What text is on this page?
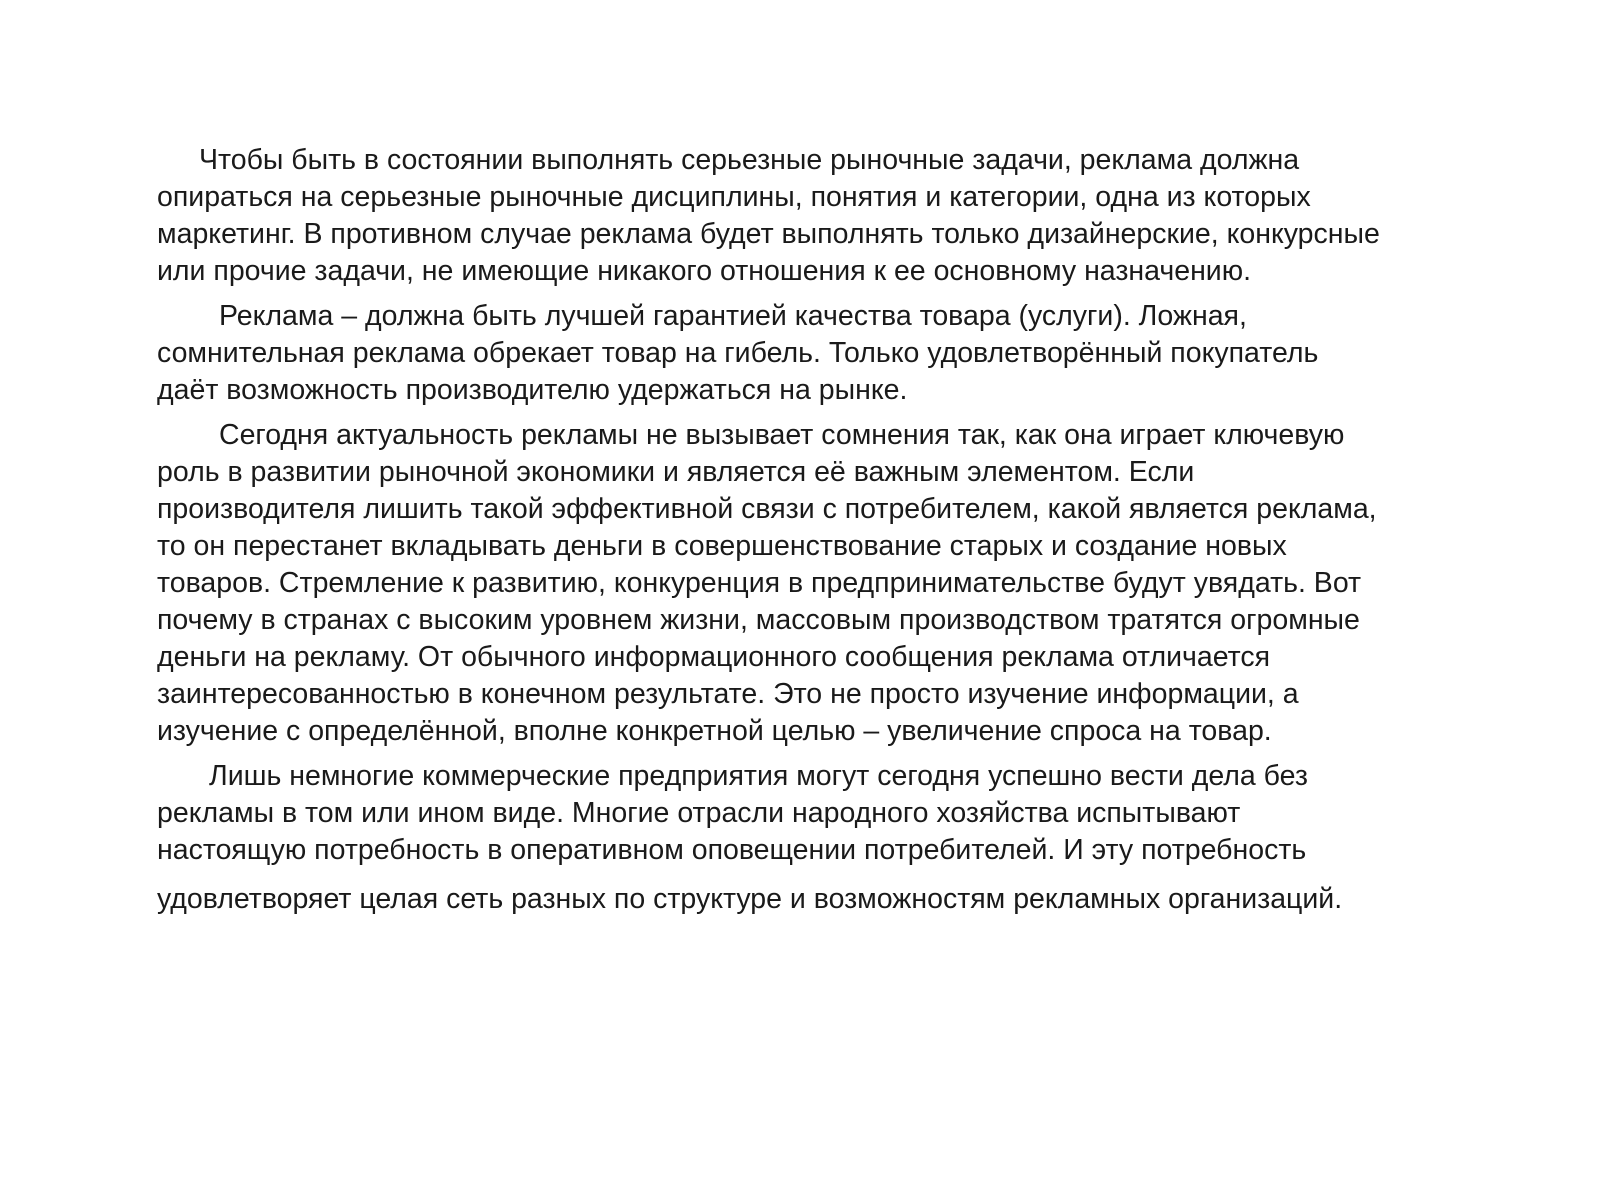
Чтобы быть в состоянии выполнять серьезные рыночные задачи, реклама должна
опираться на серьезные рыночные дисциплины, понятия и категории, одна из которых
маркетинг. В противном случае реклама будет выполнять только дизайнерские, конкурсные
или прочие задачи, не имеющие никакого отношения к ее основному назначению.

Реклама – должна быть лучшей гарантией качества товара (услуги). Ложная,
сомнительная реклама обрекает товар на гибель. Только удовлетворённый покупатель
даёт возможность производителю удержаться на рынке.

Сегодня актуальность рекламы не вызывает сомнения так, как она играет ключевую
роль в развитии рыночной экономики и является её важным элементом. Если
производителя лишить такой эффективной связи с потребителем, какой является реклама,
то он перестанет вкладывать деньги в совершенствование старых и создание новых
товаров. Стремление к развитию, конкуренция в предпринимательстве будут увядать. Вот
почему в странах с высоким уровнем жизни, массовым производством тратятся огромные
деньги на рекламу. От обычного информационного сообщения реклама отличается
заинтересованностью в конечном результате. Это не просто изучение информации, а
изучение с определённой, вполне конкретной целью – увеличение спроса на товар.

Лишь немногие коммерческие предприятия могут сегодня успешно вести дела без
рекламы в том или ином виде. Многие отрасли народного хозяйства испытывают
настоящую потребность в оперативном оповещении потребителей. И эту потребность
удовлетворяет целая сеть разных по структуре и возможностям рекламных организаций.
